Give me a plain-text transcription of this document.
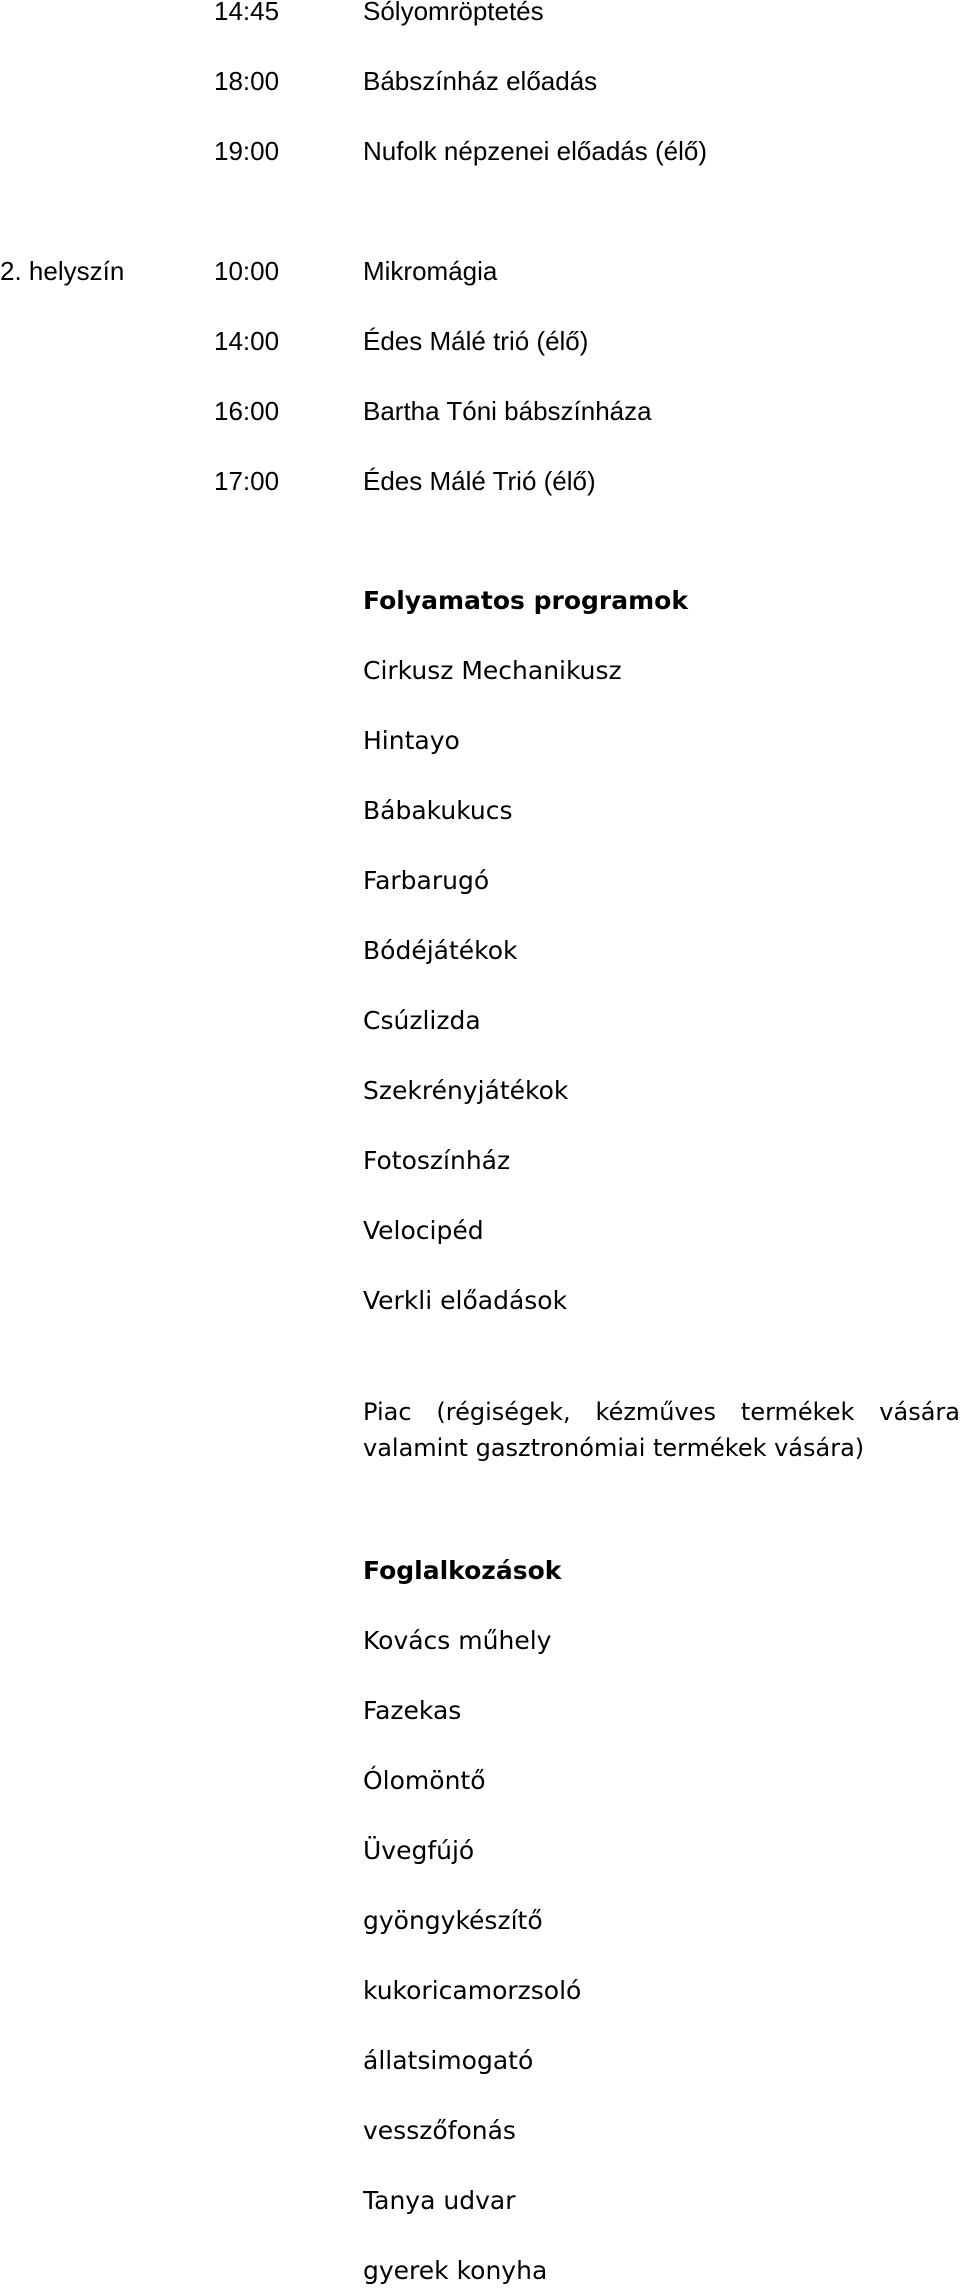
14:45	Sólyomröptetés
18:00	Bábszínház előadás
19:00	Nufolk népzenei előadás (élő)
2. helyszín	10:00	Mikromágia
14:00	Édes Málé trió (élő)
16:00	Bartha Tóni bábszínháza
17:00	Édes Málé Trió (élő)
Folyamatos programok
Cirkusz Mechanikusz
Hintayo
Bábakukucs
Farbarugó
Bódéjátékok
Csúzlizda
Szekrényjátékok
Fotoszínház
Velocipéd
Verkli előadások
Piac (régiségek, kézműves termékek vására valamint gasztronómiai termékek vására)
Foglalkozások
Kovács műhely
Fazekas
Ólomöntő
Üvegfújó
gyöngykészítő
kukoricamorzsoló
állatsimogató
vesszőfonás
Tanya udvar
gyerek konyha
